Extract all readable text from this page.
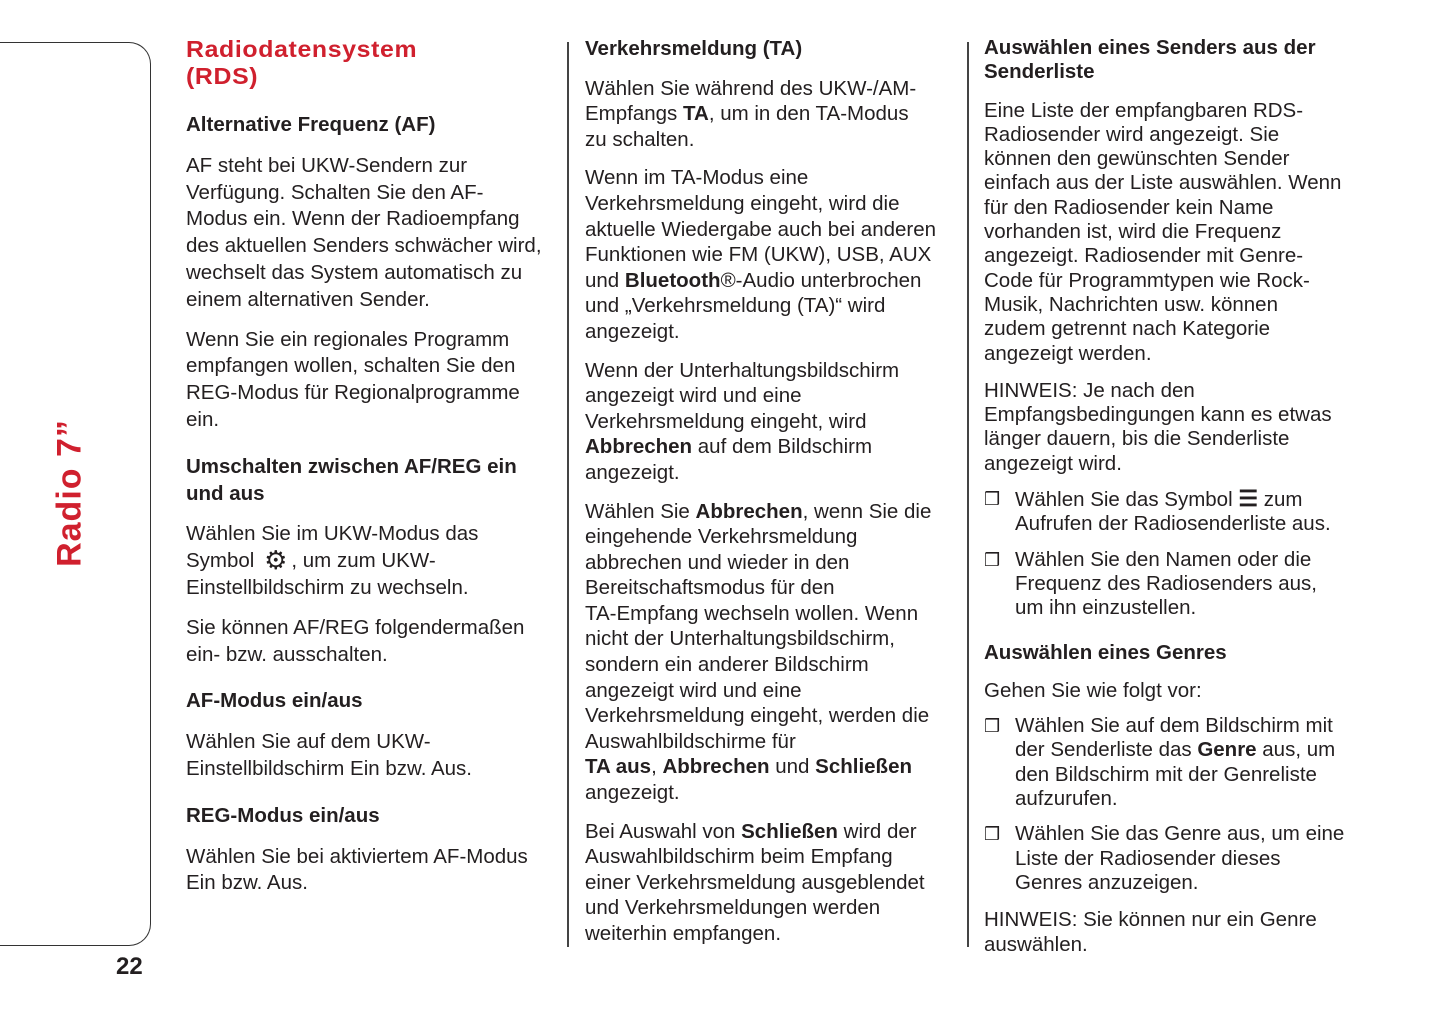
Radio 7”
22
Radiodatensystem
(RDS)
Alternative Frequenz (AF)
AF steht bei UKW-Sendern zur
Verfügung. Schalten Sie den AF-
Modus ein. Wenn der Radioempfang
des aktuellen Senders schwächer wird,
wechselt das System automatisch zu
einem alternativen Sender.
Wenn Sie ein regionales Programm
empfangen wollen, schalten Sie den
REG-Modus für Regionalprogramme
ein.
Umschalten zwischen AF/REG ein
und aus
Wählen Sie im UKW-Modus das
Symbol ⚙ , um zum UKW-
Einstellbildschirm zu wechseln.
Sie können AF/REG folgendermaßen
ein- bzw. ausschalten.
AF-Modus ein/aus
Wählen Sie auf dem UKW-
Einstellbildschirm Ein bzw. Aus.
REG-Modus ein/aus
Wählen Sie bei aktiviertem AF-Modus
Ein bzw. Aus.
Verkehrsmeldung (TA)
Wählen Sie während des UKW-/AM-
Empfangs TA, um in den TA-Modus
zu schalten.
Wenn im TA-Modus eine
Verkehrsmeldung eingeht, wird die
aktuelle Wiedergabe auch bei anderen
Funktionen wie FM (UKW), USB, AUX
und Bluetooth®-Audio unterbrochen
und „Verkehrsmeldung (TA)“ wird
angezeigt.
Wenn der Unterhaltungsbildschirm
angezeigt wird und eine
Verkehrsmeldung eingeht, wird
Abbrechen auf dem Bildschirm
angezeigt.
Wählen Sie Abbrechen, wenn Sie die
eingehende Verkehrsmeldung
abbrechen und wieder in den
Bereitschaftsmodus für den
TA-Empfang wechseln wollen. Wenn
nicht der Unterhaltungsbildschirm,
sondern ein anderer Bildschirm
angezeigt wird und eine
Verkehrsmeldung eingeht, werden die
Auswahlbildschirme für
TA aus, Abbrechen und Schließen
angezeigt.
Bei Auswahl von Schließen wird der
Auswahlbildschirm beim Empfang
einer Verkehrsmeldung ausgeblendet
und Verkehrsmeldungen werden
weiterhin empfangen.
Auswählen eines Senders aus der
Senderliste
Eine Liste der empfangbaren RDS-
Radiosender wird angezeigt. Sie
können den gewünschten Sender
einfach aus der Liste auswählen. Wenn
für den Radiosender kein Name
vorhanden ist, wird die Frequenz
angezeigt. Radiosender mit Genre-
Code für Programmtypen wie Rock-
Musik, Nachrichten usw. können
zudem getrennt nach Kategorie
angezeigt werden.
HINWEIS: Je nach den
Empfangsbedingungen kann es etwas
länger dauern, bis die Senderliste
angezeigt wird.
❒ Wählen Sie das Symbol ☰ zum
Aufrufen der Radiosenderliste aus.
❒ Wählen Sie den Namen oder die
Frequenz des Radiosenders aus,
um ihn einzustellen.
Auswählen eines Genres
Gehen Sie wie folgt vor:
❒ Wählen Sie auf dem Bildschirm mit
der Senderliste das Genre aus, um
den Bildschirm mit der Genreliste
aufzurufen.
❒ Wählen Sie das Genre aus, um eine
Liste der Radiosender dieses
Genres anzuzeigen.
HINWEIS: Sie können nur ein Genre
auswählen.
